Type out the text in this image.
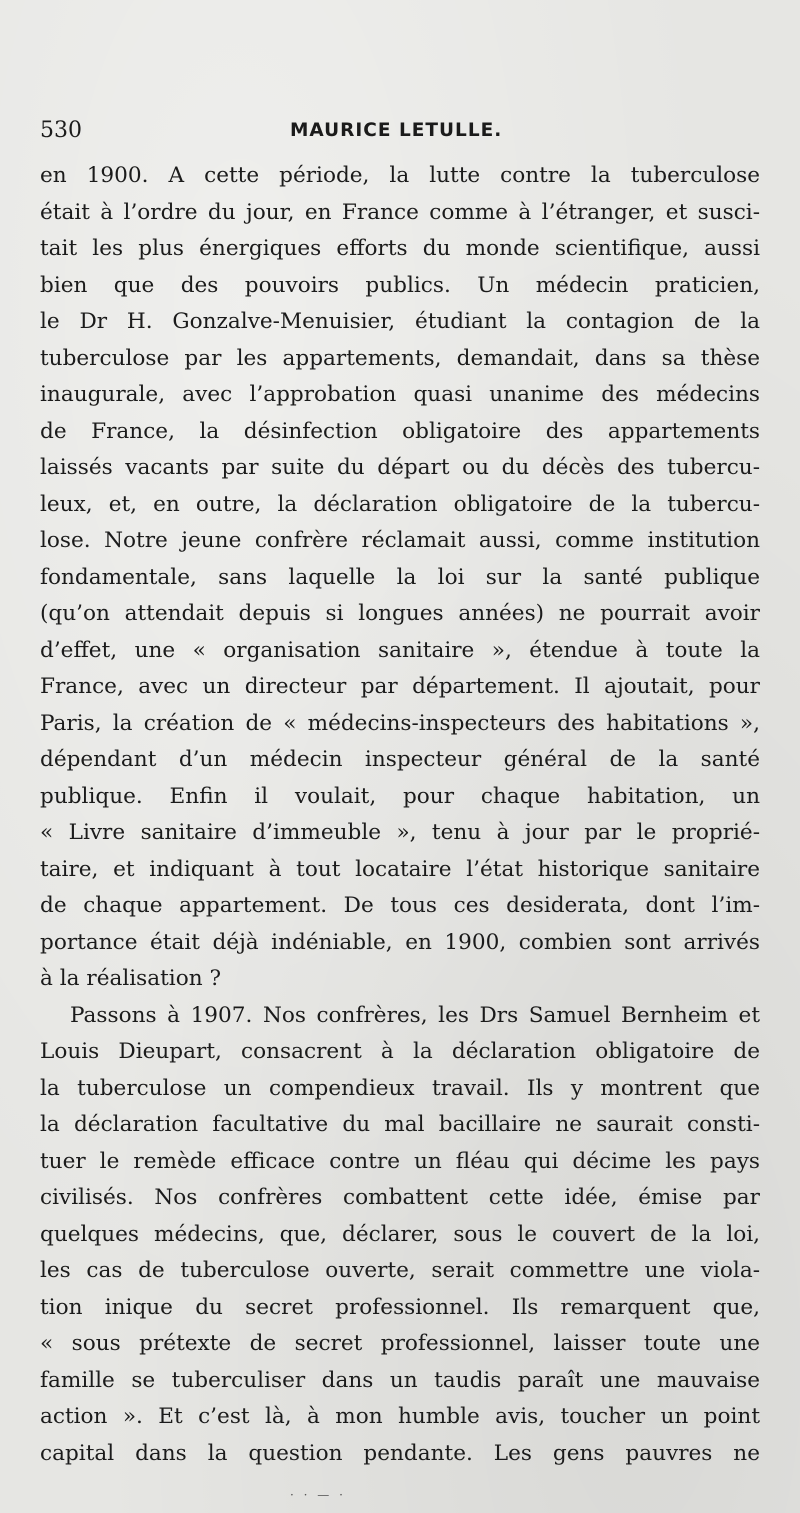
530	MAURICE LETULLE.
en 1900. A cette période, la lutte contre la tuberculose
était à l’ordre du jour, en France comme à l’étranger, et susci-
tait les plus énergiques efforts du monde scientifique, aussi
bien que des pouvoirs publics. Un médecin praticien,
le Dr H. Gonzalve-Menuisier, étudiant la contagion de la
tuberculose par les appartements, demandait, dans sa thèse
inaugurale, avec l’approbation quasi unanime des médecins
de France, la désinfection obligatoire des appartements
laissés vacants par suite du départ ou du décès des tubercu-
leux, et, en outre, la déclaration obligatoire de la tubercu-
lose. Notre jeune confrère réclamait aussi, comme institution
fondamentale, sans laquelle la loi sur la santé publique
(qu’on attendait depuis si longues années) ne pourrait avoir
d’effet, une « organisation sanitaire », étendue à toute la
France, avec un directeur par département. Il ajoutait, pour
Paris, la création de « médecins-inspecteurs des habitations »,
dépendant d’un médecin inspecteur général de la santé
publique. Enfin il voulait, pour chaque habitation, un
« Livre sanitaire d’immeuble », tenu à jour par le proprié-
taire, et indiquant à tout locataire l’état historique sanitaire
de chaque appartement. De tous ces desiderata, dont l’im-
portance était déjà indéniable, en 1900, combien sont arrivés
à la réalisation ?
Passons à 1907. Nos confrères, les Drs Samuel Bernheim et
Louis Dieupart, consacrent à la déclaration obligatoire de
la tuberculose un compendieux travail. Ils y montrent que
la déclaration facultative du mal bacillaire ne saurait consti-
tuer le remède efficace contre un fléau qui décime les pays
civilisés. Nos confrères combattent cette idée, émise par
quelques médecins, que, déclarer, sous le couvert de la loi,
les cas de tuberculose ouverte, serait commettre une viola-
tion inique du secret professionnel. Ils remarquent que,
« sous prétexte de secret professionnel, laisser toute une
famille se tuberculiser dans un taudis paraît une mauvaise
action ». Et c’est là, à mon humble avis, toucher un point
capital dans la question pendante. Les gens pauvres ne
· · — ·
